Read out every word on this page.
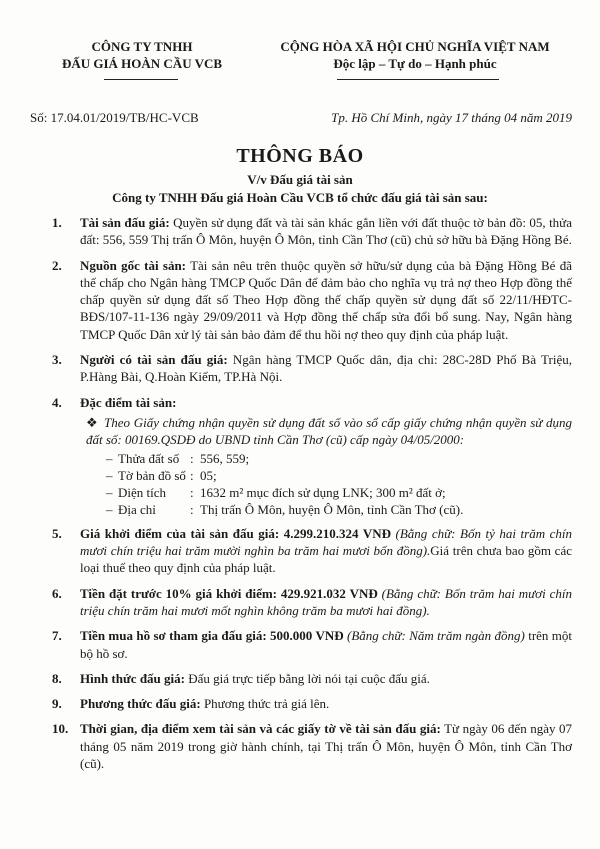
CÔNG TY TNHH
ĐẤU GIÁ HOÀN CẦU VCB
CỘNG HÒA XÃ HỘI CHỦ NGHĨA VIỆT NAM
Độc lập – Tự do – Hạnh phúc
Số: 17.04.01/2019/TB/HC-VCB	Tp. Hồ Chí Minh, ngày 17 tháng 04 năm 2019
THÔNG BÁO
V/v Đấu giá tài sản
Công ty TNHH Đấu giá Hoàn Cầu VCB tổ chức đấu giá tài sản sau:
1. Tài sản đấu giá: Quyền sử dụng đất và tài sản khác gắn liền với đất thuộc tờ bản đồ: 05, thửa đất: 556, 559 Thị trấn Ô Môn, huyện Ô Môn, tỉnh Cần Thơ (cũ) chủ sở hữu bà Đặng Hồng Bé.
2. Nguồn gốc tài sản: Tài sản nêu trên thuộc quyền sở hữu/sử dụng của bà Đặng Hồng Bé đã thế chấp cho Ngân hàng TMCP Quốc Dân để đảm bảo cho nghĩa vụ trả nợ theo Hợp đồng thế chấp quyền sử dụng đất số Theo Hợp đồng thế chấp quyền sử dụng đất số 22/11/HĐTC-BĐS/107-11-136 ngày 29/09/2011 và Hợp đồng thế chấp sửa đổi bổ sung. Nay, Ngân hàng TMCP Quốc Dân xử lý tài sản bảo đảm để thu hồi nợ theo quy định của pháp luật.
3. Người có tài sản đấu giá: Ngân hàng TMCP Quốc dân, địa chỉ: 28C-28D Phố Bà Triệu, P.Hàng Bài, Q.Hoàn Kiếm, TP.Hà Nội.
4. Đặc điểm tài sản:
❖ Theo Giấy chứng nhận quyền sử dụng đất số vào sổ cấp giấy chứng nhận quyền sử dụng đất số: 00169.QSDĐ do UBND tỉnh Cần Thơ (cũ) cấp ngày 04/05/2000:
– Thửa đất số : 556, 559;
– Tờ bản đồ số : 05;
– Diện tích	: 1632 m² mục đích sử dụng LNK; 300 m² đất ở;
– Địa chỉ	: Thị trấn Ô Môn, huyện Ô Môn, tỉnh Cần Thơ (cũ).
5. Giá khởi điểm của tài sản đấu giá: 4.299.210.324 VNĐ (Bằng chữ: Bốn tỷ hai trăm chín mươi chín triệu hai trăm mười nghìn ba trăm hai mươi bốn đồng).Giá trên chưa bao gồm các loại thuế theo quy định của pháp luật.
6. Tiền đặt trước 10% giá khởi điểm: 429.921.032 VNĐ (Bằng chữ: Bốn trăm hai mươi chín triệu chín trăm hai mươi mốt nghìn không trăm ba mươi hai đồng).
7. Tiền mua hồ sơ tham gia đấu giá: 500.000 VNĐ (Bằng chữ: Năm trăm ngàn đồng) trên một bộ hồ sơ.
8. Hình thức đấu giá: Đấu giá trực tiếp bằng lời nói tại cuộc đấu giá.
9. Phương thức đấu giá: Phương thức trả giá lên.
10. Thời gian, địa điểm xem tài sản và các giấy tờ về tài sản đấu giá: Từ ngày 06 đến ngày 07 tháng 05 năm 2019 trong giờ hành chính, tại Thị trấn Ô Môn, huyện Ô Môn, tỉnh Cần Thơ (cũ).
